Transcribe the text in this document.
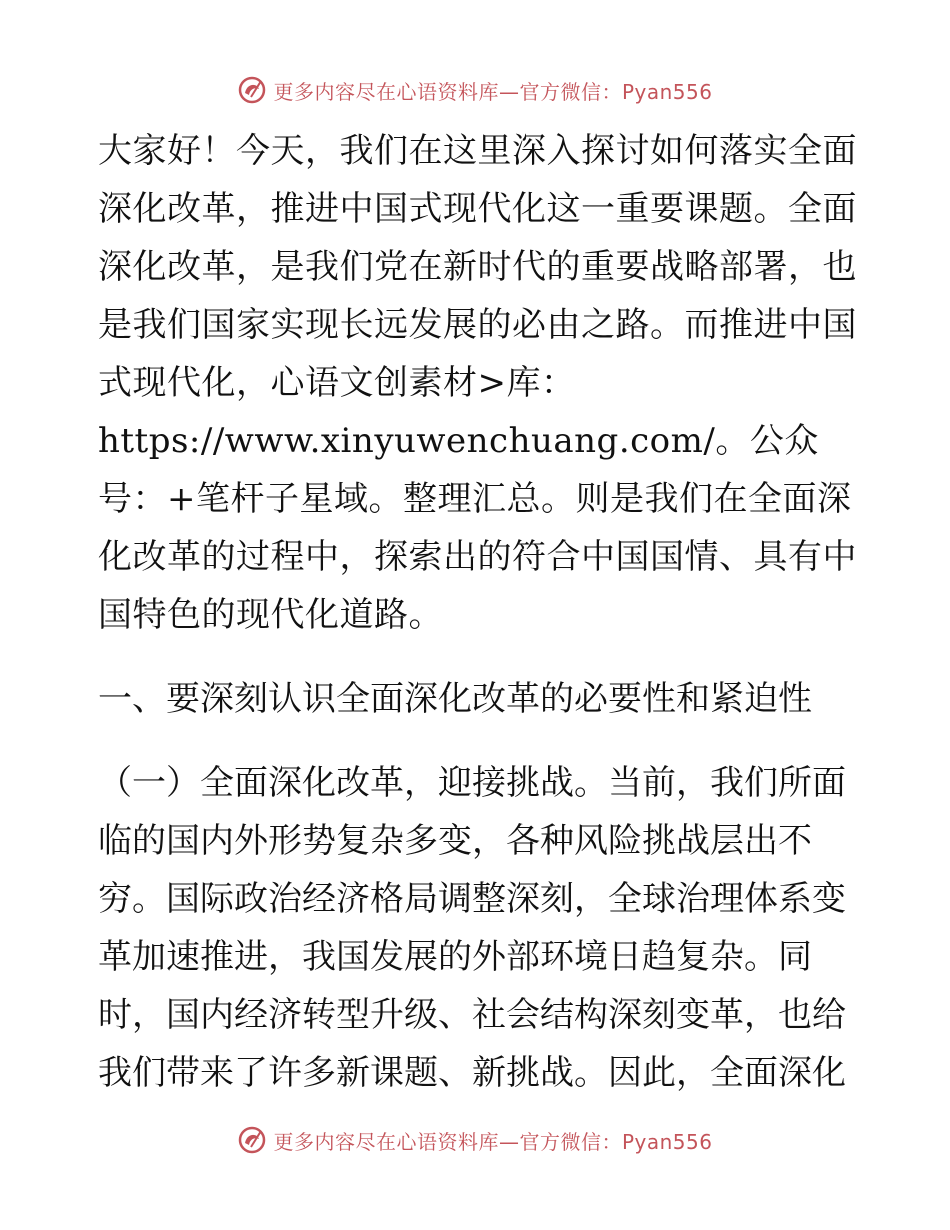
更多内容尽在心语资料库—官方微信：Pyan556

大家好！今天，我们在这里深入探讨如何落实全面深化改革，推进中国式现代化这一重要课题。全面深化改革，是我们党在新时代的重要战略部署，也是我们国家实现长远发展的必由之路。而推进中国式现代化，心语文创素材>库：https://www.xinyuwenchuang.com/。公众号：+笔杆子星域。整理汇总。则是我们在全面深化改革的过程中，探索出的符合中国国情、具有中国特色的现代化道路。

一、要深刻认识全面深化改革的必要性和紧迫性

（一）全面深化改革，迎接挑战。当前，我们所面临的国内外形势复杂多变，各种风险挑战层出不穷。国际政治经济格局调整深刻，全球治理体系变革加速推进，我国发展的外部环境日趋复杂。同时，国内经济转型升级、社会结构深刻变革，也给我们带来了许多新课题、新挑战。因此，全面深化

更多内容尽在心语资料库—官方微信：Pyan556
